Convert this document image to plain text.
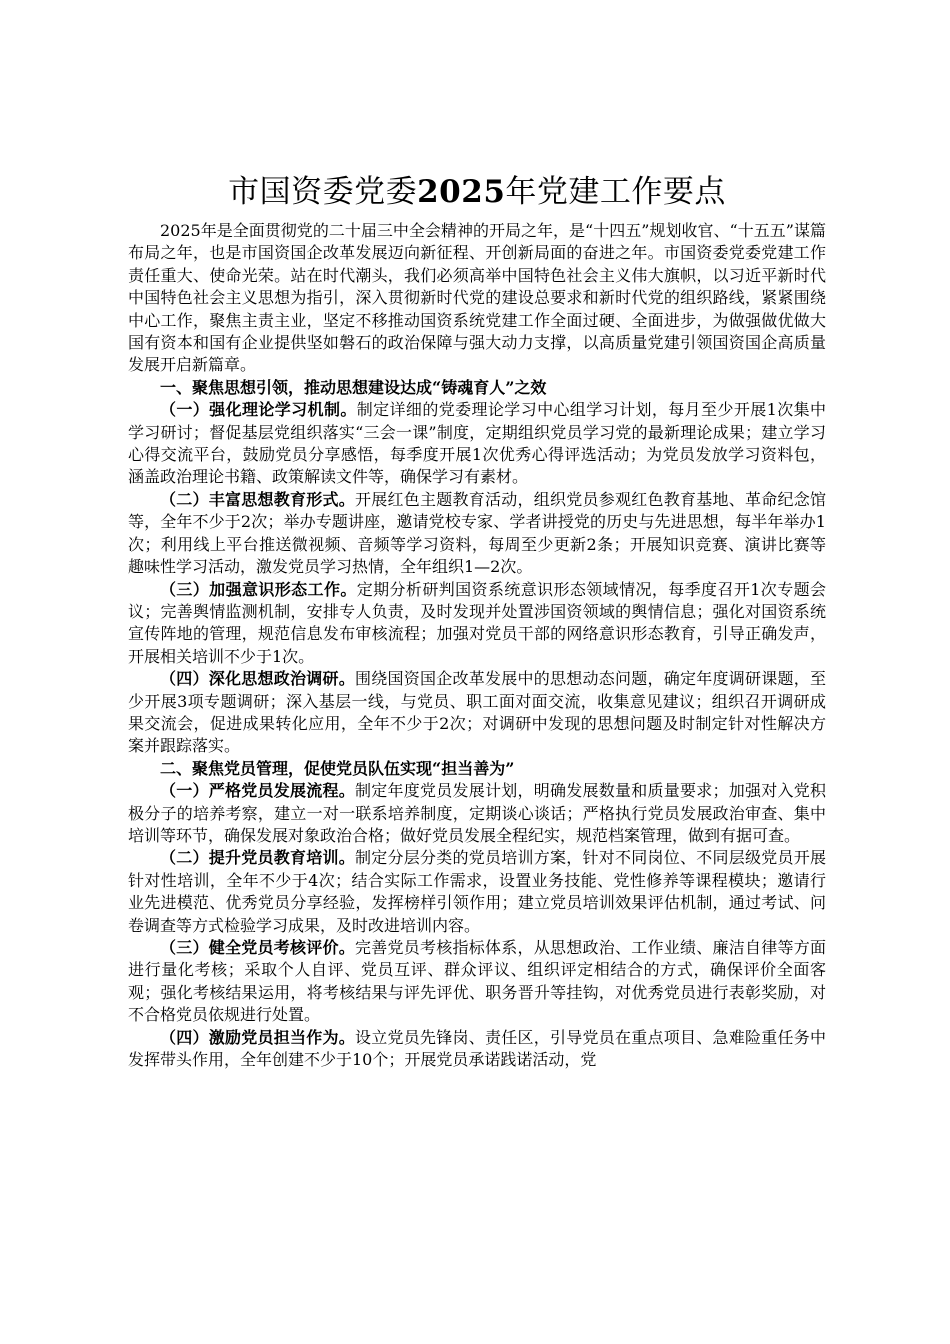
市国资委党委2025年党建工作要点

2025年是全面贯彻党的二十届三中全会精神的开局之年，是“十四五”规划收官、“十五五”谋篇布局之年，也是市国资国企改革发展迈向新征程、开创新局面的奋进之年。市国资委党委党建工作责任重大、使命光荣。站在时代潮头，我们必须高举中国特色社会主义伟大旗帜，以习近平新时代中国特色社会主义思想为指引，深入贯彻新时代党的建设总要求和新时代党的组织路线，紧紧围绕中心工作，聚焦主责主业，坚定不移推动国资系统党建工作全面过硬、全面进步，为做强做优做大国有资本和国有企业提供坚如磐石的政治保障与强大动力支撑，以高质量党建引领国资国企高质量发展开启新篇章。

一、聚焦思想引领，推动思想建设达成“铸魂育人”之效

（一）强化理论学习机制。制定详细的党委理论学习中心组学习计划，每月至少开展1次集中学习研讨；督促基层党组织落实“三会一课”制度，定期组织党员学习党的最新理论成果；建立学习心得交流平台，鼓励党员分享感悟，每季度开展1次优秀心得评选活动；为党员发放学习资料包，涵盖政治理论书籍、政策解读文件等，确保学习有素材。

（二）丰富思想教育形式。开展红色主题教育活动，组织党员参观红色教育基地、革命纪念馆等，全年不少于2次；举办专题讲座，邀请党校专家、学者讲授党的历史与先进思想，每半年举办1次；利用线上平台推送微视频、音频等学习资料，每周至少更新2条；开展知识竞赛、演讲比赛等趣味性学习活动，激发党员学习热情，全年组织1—2次。

（三）加强意识形态工作。定期分析研判国资系统意识形态领域情况，每季度召开1次专题会议；完善舆情监测机制，安排专人负责，及时发现并处置涉国资领域的舆情信息；强化对国资系统宣传阵地的管理，规范信息发布审核流程；加强对党员干部的网络意识形态教育，引导正确发声，开展相关培训不少于1次。

（四）深化思想政治调研。围绕国资国企改革发展中的思想动态问题，确定年度调研课题，至少开展3项专题调研；深入基层一线，与党员、职工面对面交流，收集意见建议；组织召开调研成果交流会，促进成果转化应用，全年不少于2次；对调研中发现的思想问题及时制定针对性解决方案并跟踪落实。

二、聚焦党员管理，促使党员队伍实现“担当善为”

（一）严格党员发展流程。制定年度党员发展计划，明确发展数量和质量要求；加强对入党积极分子的培养考察，建立一对一联系培养制度，定期谈心谈话；严格执行党员发展政治审查、集中培训等环节，确保发展对象政治合格；做好党员发展全程纪实，规范档案管理，做到有据可查。

（二）提升党员教育培训。制定分层分类的党员培训方案，针对不同岗位、不同层级党员开展针对性培训，全年不少于4次；结合实际工作需求，设置业务技能、党性修养等课程模块；邀请行业先进模范、优秀党员分享经验，发挥榜样引领作用；建立党员培训效果评估机制，通过考试、问卷调查等方式检验学习成果，及时改进培训内容。

（三）健全党员考核评价。完善党员考核指标体系，从思想政治、工作业绩、廉洁自律等方面进行量化考核；采取个人自评、党员互评、群众评议、组织评定相结合的方式，确保评价全面客观；强化考核结果运用，将考核结果与评先评优、职务晋升等挂钩，对优秀党员进行表彰奖励，对不合格党员依规进行处置。

（四）激励党员担当作为。设立党员先锋岗、责任区，引导党员在重点项目、急难险重任务中发挥带头作用，全年创建不少于10个；开展党员承诺践诺活动，党
